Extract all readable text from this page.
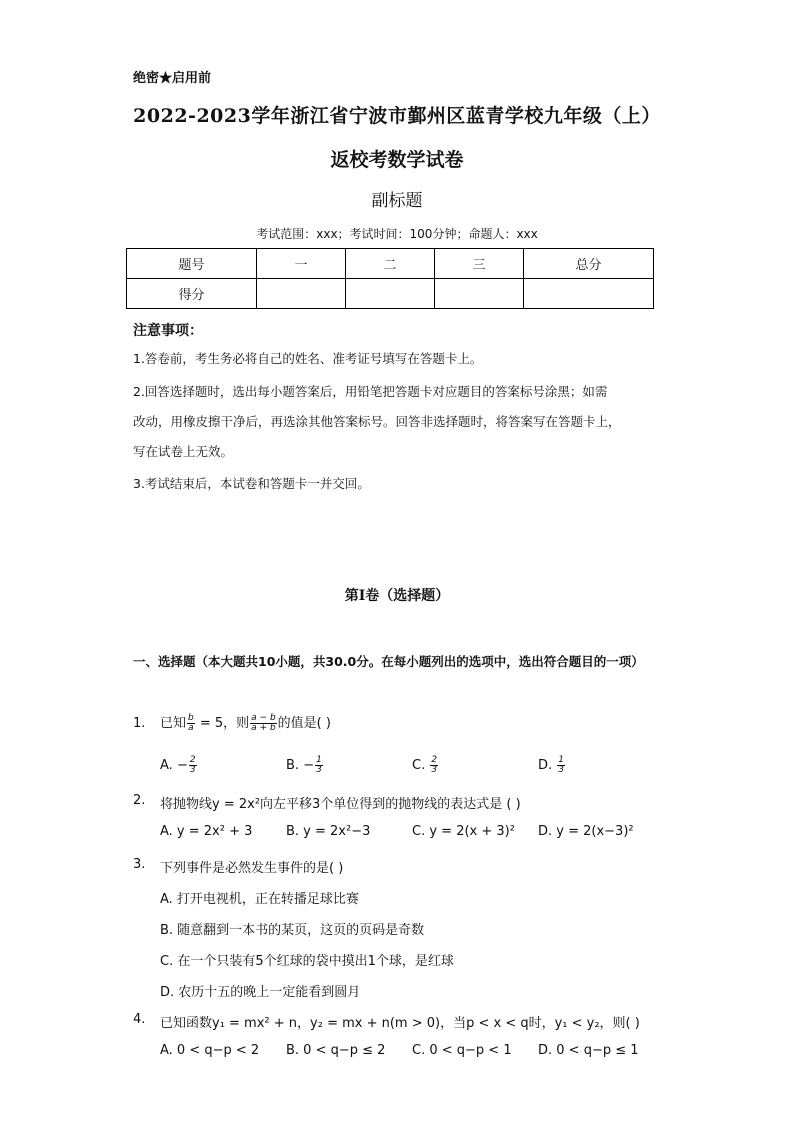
绝密★启用前
2022-2023学年浙江省宁波市鄞州区蓝青学校九年级（上）
返校考数学试卷
副标题
考试范围：xxx；考试时间：100分钟；命题人：xxx
题号	一	二	三	总分
得分				
注意事项：
1.答卷前，考生务必将自己的姓名、准考证号填写在答题卡上。
2.回答选择题时，选出每小题答案后，用铅笔把答题卡对应题目的答案标号涂黑；如需
改动，用橡皮擦干净后，再选涂其他答案标号。回答非选择题时，将答案写在答题卡上，
写在试卷上无效。
3.考试结束后，本试卷和答题卡一并交回。
第I卷（选择题）
一、选择题（本大题共10小题，共30.0分。在每小题列出的选项中，选出符合题目的一项）
1. 已知 $\frac{b}{a} = 5$，则 $\frac{a - b}{a + b}$ 的值是( )
A. − $\frac{2}{3}$	B. − $\frac{1}{3}$	C. $\frac{2}{3}$	D. $\frac{1}{3}$
2. 将抛物线y = 2x²向左平移3个单位得到的抛物线的表达式是 ( )
A. y = 2x² + 3	B. y = 2x²−3	C. y = 2(x + 3)² D. y = 2(x−3)²
3. 下列事件是必然发生事件的是( )
A. 打开电视机，正在转播足球比赛
B. 随意翻到一本书的某页，这页的页码是奇数
C. 在一个只装有5个红球的袋中摸出1个球，是红球
D. 农历十五的晚上一定能看到圆月
4. 已知函数y₁ = mx² + n，y₂ = mx + n(m > 0)，当p < x < q时，y₁ < y₂，则( )
A. 0 < q−p < 2 B. 0 < q−p ≤ 2 C. 0 < q−p < 1 D. 0 < q−p ≤ 1
